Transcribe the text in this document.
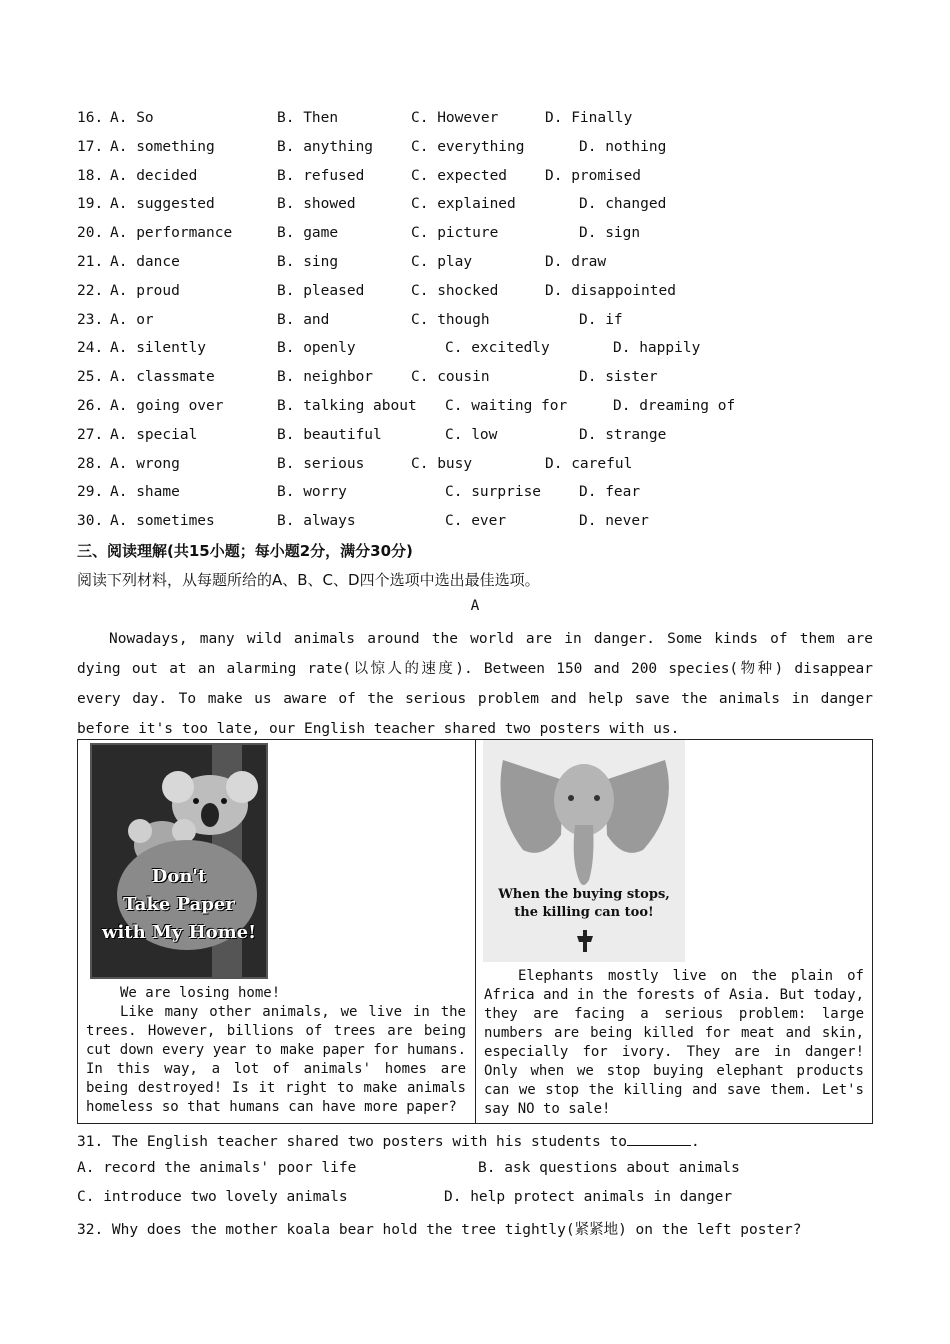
16. A. So	B. Then	C. However	D. Finally
17. A. something	B. anything	C. everything	D. nothing
18. A. decided	B. refused	C. expected	D. promised
19. A. suggested	B. showed	C. explained	D. changed
20. A. performance	B. game	C. picture	D. sign
21. A. dance	B. sing	C. play	D. draw
22. A. proud	B. pleased	C. shocked	D. disappointed
23. A. or	B. and	C. though	D. if
24. A. silently	B. openly	C. excitedly	D. happily
25. A. classmate	B. neighbor	C. cousin	D. sister
26. A. going over	B. talking about C. waiting for	D. dreaming of
27. A. special	B. beautiful	C. low	D. strange
28. A. wrong	B. serious	C. busy	D. careful
29. A. shame	B. worry	C. surprise	D. fear
30. A. sometimes	B. always	C. ever	D. never
三、阅读理解(共15小题；每小题2分，满分30分)
阅读下列材料，从每题所给的A、B、C、D四个选项中选出最佳选项。
A
Nowadays, many wild animals around the world are in danger. Some kinds of them are dying out at an alarming rate(以惊人的速度). Between 150 and 200 species(物种) disappear every day. To make us aware of the serious problem and help save the animals in danger before it's too late, our English teacher shared two posters with us.
Don't
Take Paper
with My Home!
When the buying stops,
the killing can too!
We are losing home!
Like many other animals, we live in the trees. However, billions of trees are being cut down every year to make paper for humans. In this way, a lot of animals' homes are being destroyed! Is it right to make animals homeless so that humans can have more paper?
Elephants mostly live on the plain of Africa and in the forests of Asia. But today, they are facing a serious problem: large numbers are being killed for meat and skin, especially for ivory. They are in danger! Only when we stop buying elephant products can we stop the killing and save them. Let's say NO to sale!
31. The English teacher shared two posters with his students to	.
A. record the animals' poor life	B. ask questions about animals
C. introduce two lovely animals	D. help protect animals in danger
32. Why does the mother koala bear hold the tree tightly(紧紧地) on the left poster?
